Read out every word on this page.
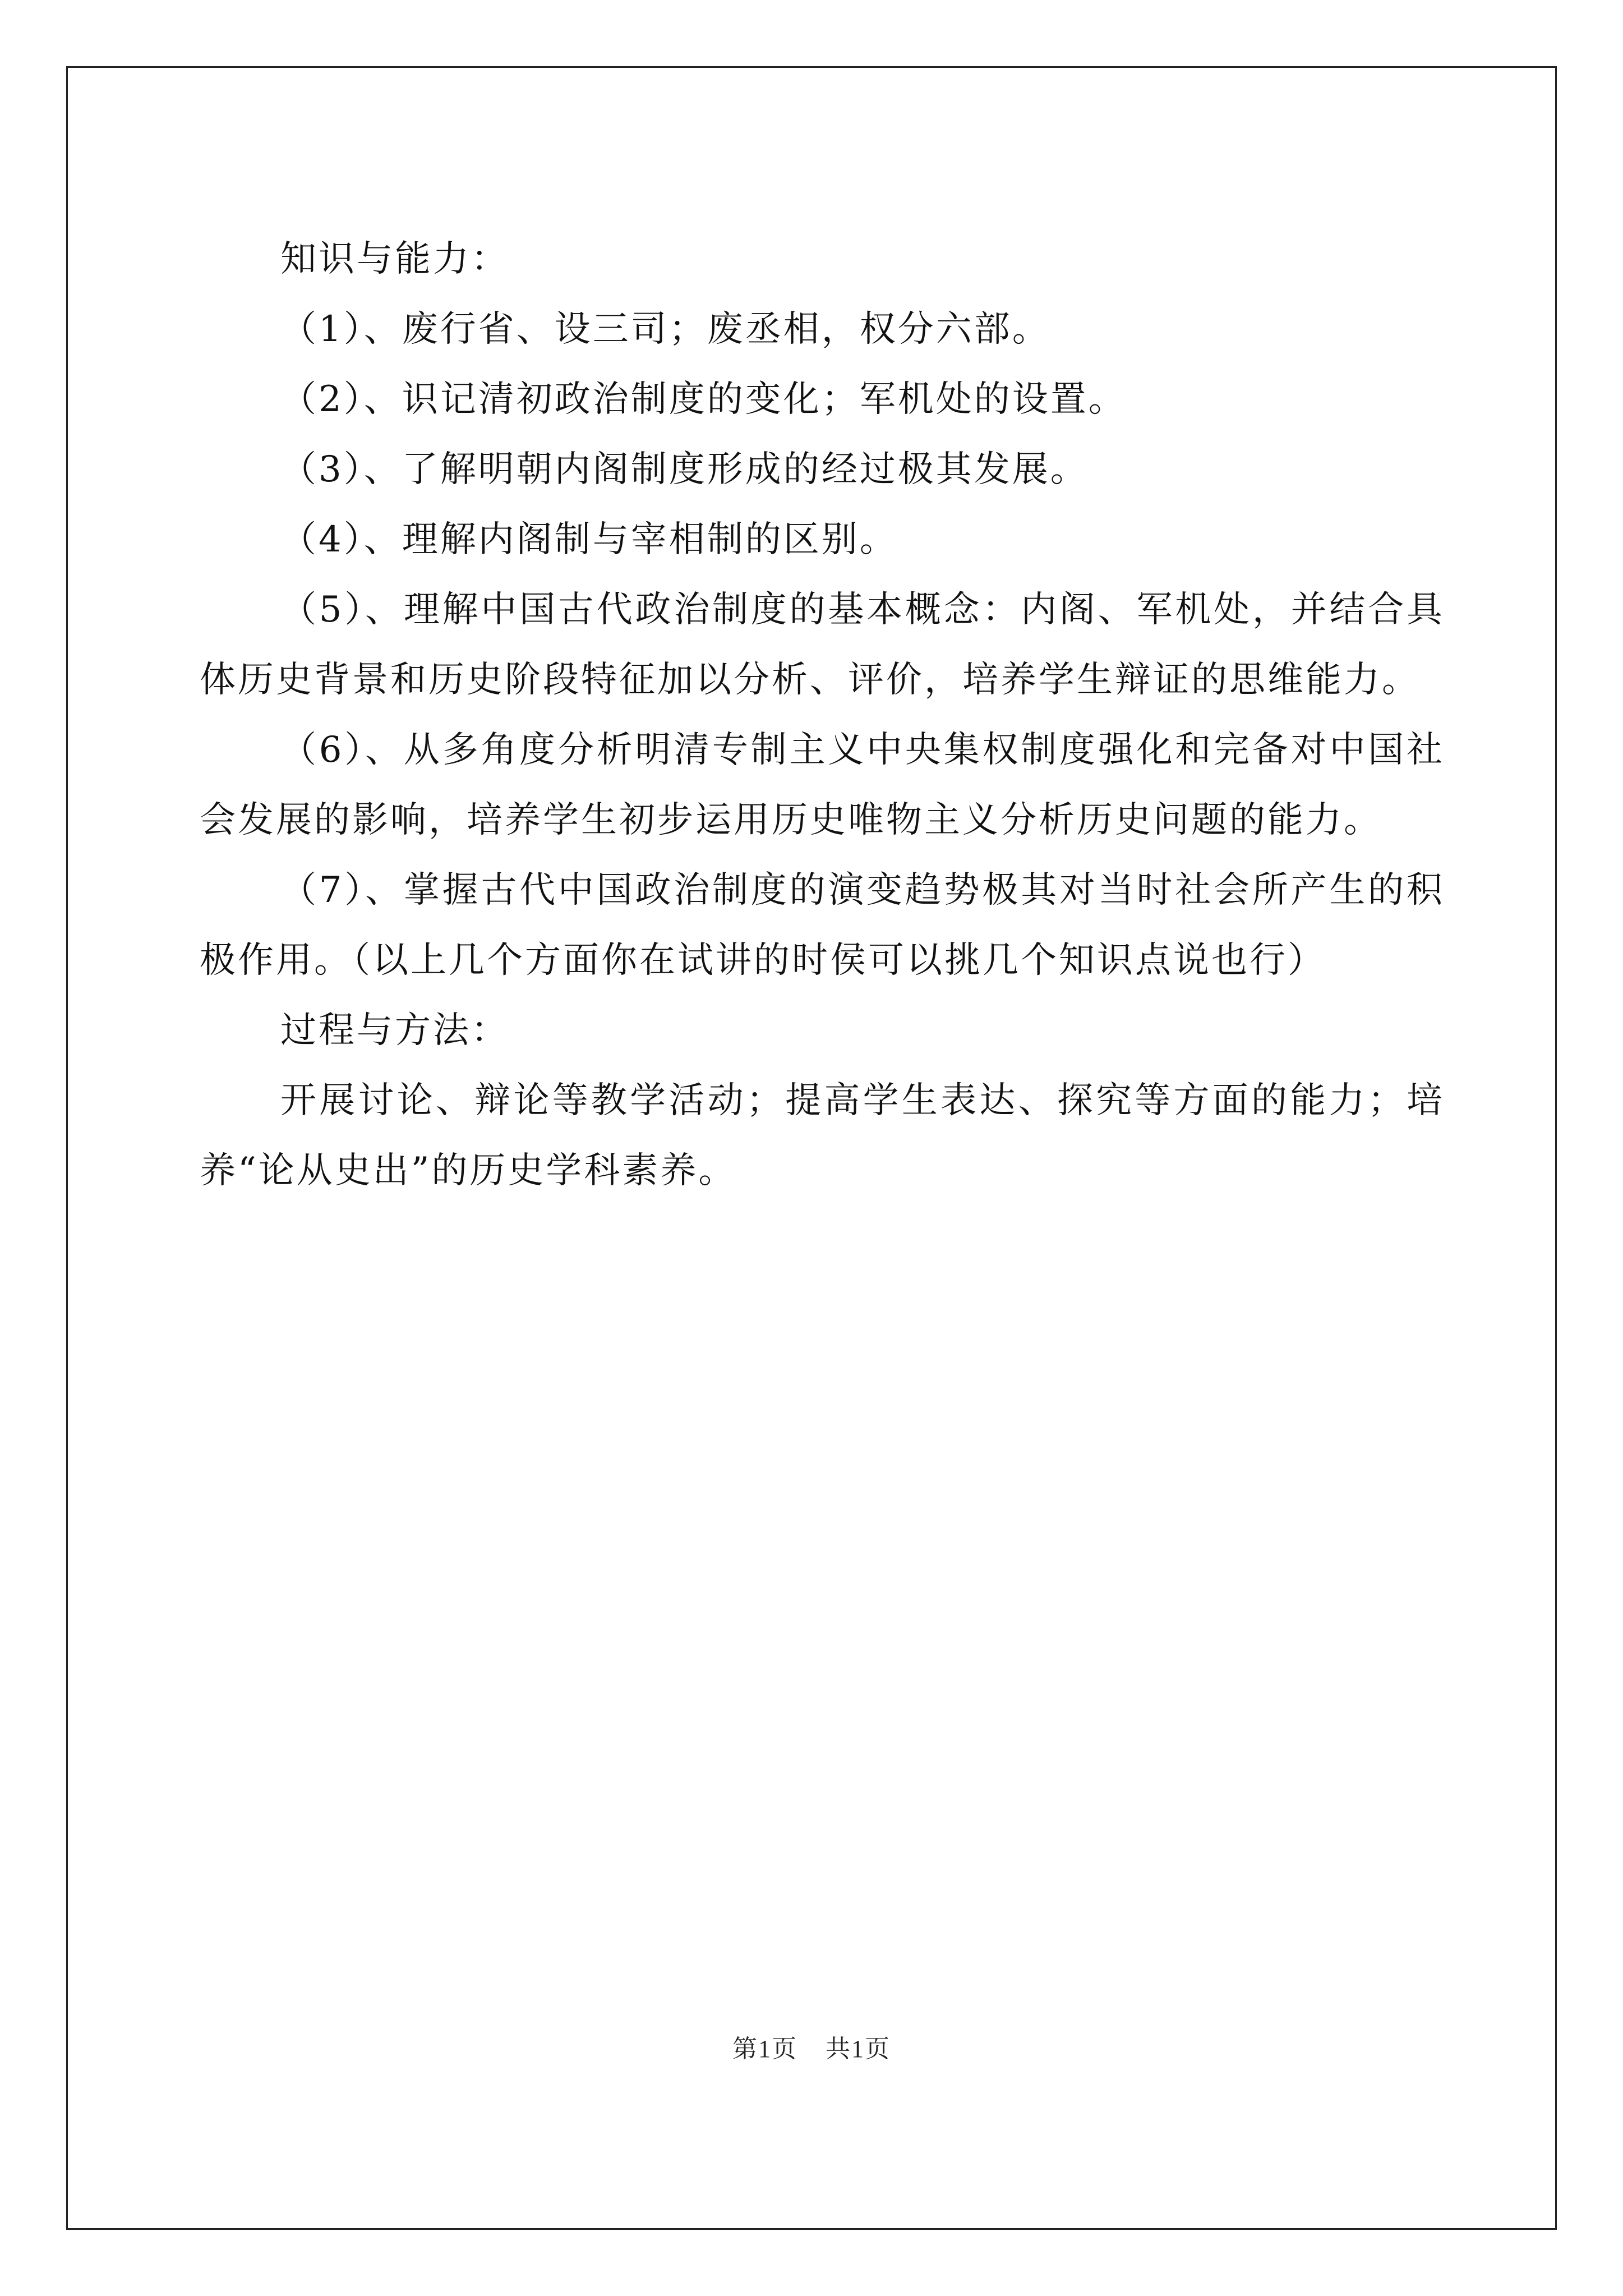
知识与能力：

（1）、废行省、设三司；废丞相，权分六部。

（2）、识记清初政治制度的变化；军机处的设置。

（3）、了解明朝内阁制度形成的经过极其发展。

（4）、理解内阁制与宰相制的区别。

（5）、理解中国古代政治制度的基本概念：内阁、军机处，并结合具体历史背景和历史阶段特征加以分析、评价，培养学生辩证的思维能力。

（6）、从多角度分析明清专制主义中央集权制度强化和完备对中国社会发展的影响，培养学生初步运用历史唯物主义分析历史问题的能力。

（7）、掌握古代中国政治制度的演变趋势极其对当时社会所产生的积极作用。（以上几个方面你在试讲的时侯可以挑几个知识点说也行）

过程与方法：

开展讨论、辩论等教学活动；提高学生表达、探究等方面的能力；培养“论从史出”的历史学科素养。

第1页 共1页
